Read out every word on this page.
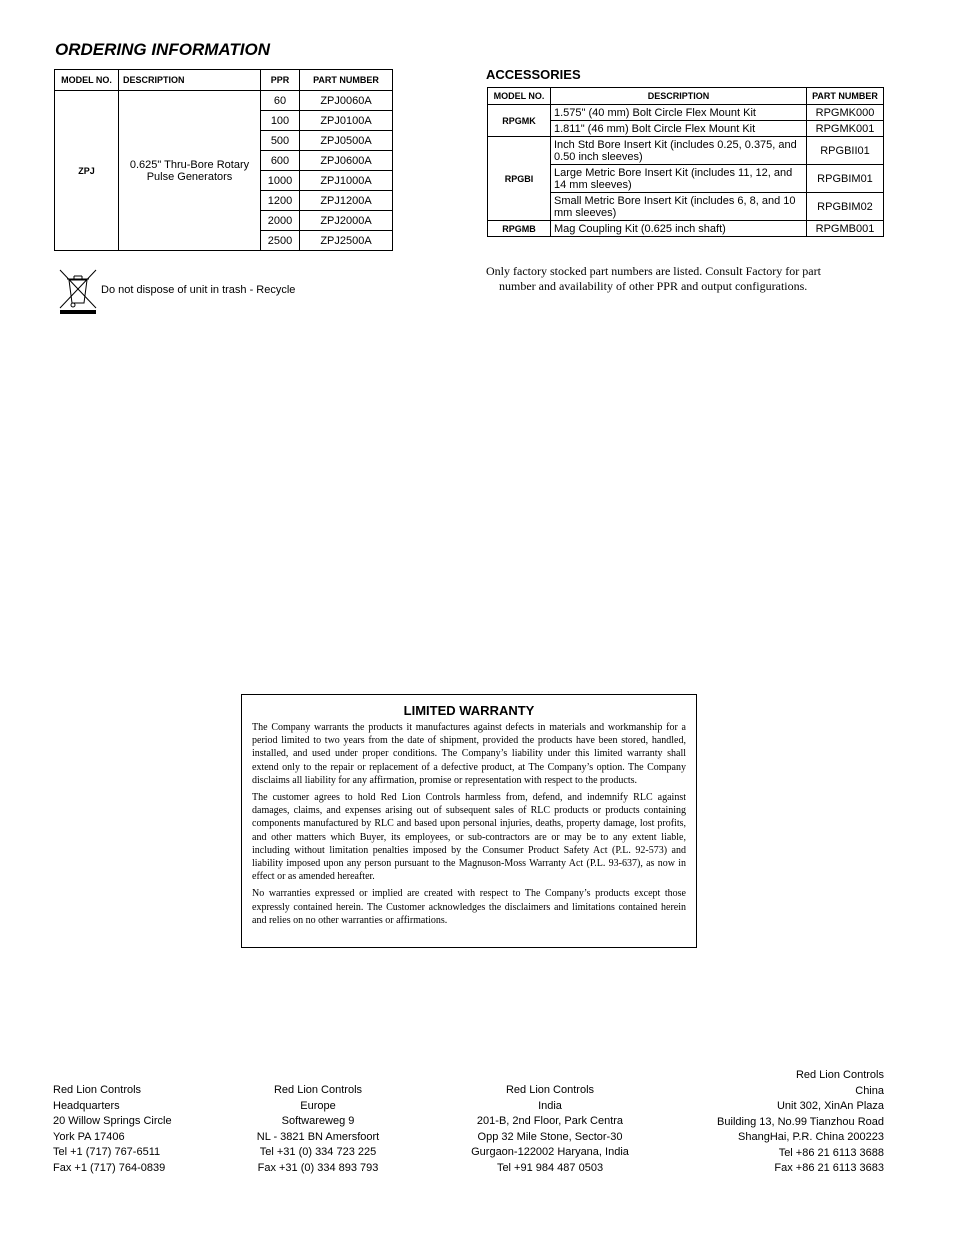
ORDERING INFORMATION
MODEL NO.	DESCRIPTION	PPR	PART NUMBER
ZPJ	0.625" Thru-Bore Rotary Pulse Generators	60	ZPJ0060A
		100	ZPJ0100A
		500	ZPJ0500A
		600	ZPJ0600A
		1000	ZPJ1000A
		1200	ZPJ1200A
		2000	ZPJ2000A
		2500	ZPJ2500A
Do not dispose of unit in trash - Recycle
ACCESSORIES
MODEL NO.	DESCRIPTION	PART NUMBER
RPGMK	1.575" (40 mm) Bolt Circle Flex Mount Kit	RPGMK000
	1.811" (46 mm) Bolt Circle Flex Mount Kit	RPGMK001
RPGBI	Inch Std Bore Insert Kit (includes 0.25, 0.375, and 0.50 inch sleeves)	RPGBII01
	Large Metric Bore Insert Kit (includes 11, 12, and 14 mm sleeves)	RPGBIM01
	Small Metric Bore Insert Kit (includes 6, 8, and 10 mm sleeves)	RPGBIM02
RPGMB	Mag Coupling Kit (0.625 inch shaft)	RPGMB001
Only factory stocked part numbers are listed. Consult Factory for part
number and availability of other PPR and output configurations.
LIMITED WARRANTY

The Company warrants the products it manufactures against defects in materials and workmanship for a period limited to two years from the date of shipment, provided the products have been stored, handled, installed, and used under proper conditions. The Company’s liability under this limited warranty shall extend only to the repair or replacement of a defective product, at The Company’s option. The Company disclaims all liability for any affirmation, promise or representation with respect to the products.

The customer agrees to hold Red Lion Controls harmless from, defend, and indemnify RLC against damages, claims, and expenses arising out of subsequent sales of RLC products or products containing components manufactured by RLC and based upon personal injuries, deaths, property damage, lost profits, and other matters which Buyer, its employees, or sub-contractors are or may be to any extent liable, including without limitation penalties imposed by the Consumer Product Safety Act (P.L. 92-573) and liability imposed upon any person pursuant to the Magnuson-Moss Warranty Act (P.L. 93-637), as now in effect or as amended hereafter.

No warranties expressed or implied are created with respect to The Company’s products except those expressly contained herein. The Customer acknowledges the disclaimers and limitations contained herein and relies on no other warranties or affirmations.

Red Lion Controls
Headquarters
20 Willow Springs Circle
York PA 17406
Tel +1 (717) 767-6511
Fax +1 (717) 764-0839
Red Lion Controls
Europe
Softwareweg 9
NL - 3821 BN Amersfoort
Tel +31 (0) 334 723 225
Fax +31 (0) 334 893 793
Red Lion Controls
India
201-B, 2nd Floor, Park Centra
Opp 32 Mile Stone, Sector-30
Gurgaon-122002 Haryana, India
Tel +91 984 487 0503
Red Lion Controls
China
Unit 302, XinAn Plaza
Building 13, No.99 Tianzhou Road
ShangHai, P.R. China 200223
Tel +86 21 6113 3688
Fax +86 21 6113 3683
